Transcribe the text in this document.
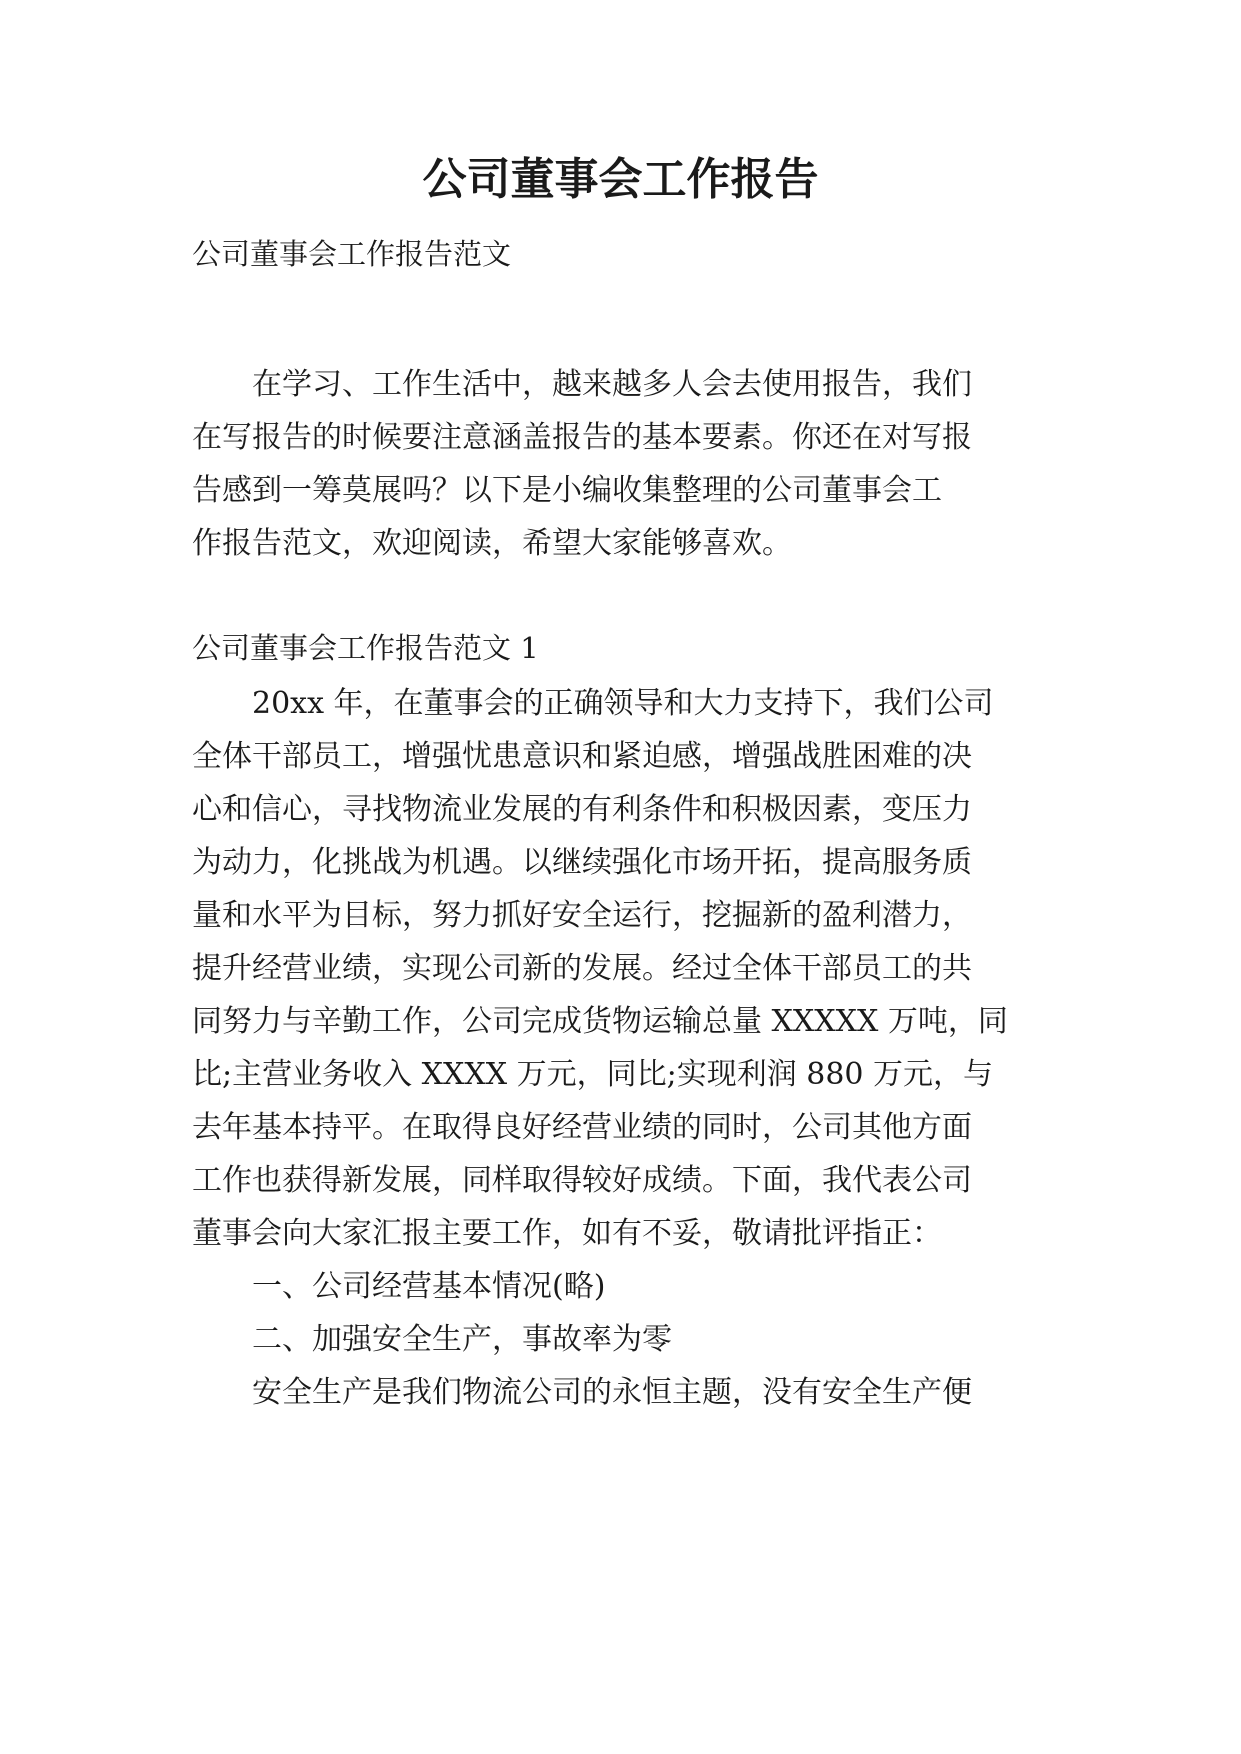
公司董事会工作报告
公司董事会工作报告范文
　　在学习、工作生活中，越来越多人会去使用报告，我们
在写报告的时候要注意涵盖报告的基本要素。你还在对写报
告感到一筹莫展吗？以下是小编收集整理的公司董事会工
作报告范文，欢迎阅读，希望大家能够喜欢。
公司董事会工作报告范文 1
　　20xx 年，在董事会的正确领导和大力支持下，我们公司
全体干部员工，增强忧患意识和紧迫感，增强战胜困难的决
心和信心，寻找物流业发展的有利条件和积极因素，变压力
为动力，化挑战为机遇。以继续强化市场开拓，提高服务质
量和水平为目标，努力抓好安全运行，挖掘新的盈利潜力，
提升经营业绩，实现公司新的发展。经过全体干部员工的共
同努力与辛勤工作，公司完成货物运输总量 XXXXX 万吨，同
比;主营业务收入 XXXX 万元，同比;实现利润 880 万元，与
去年基本持平。在取得良好经营业绩的同时，公司其他方面
工作也获得新发展，同样取得较好成绩。下面，我代表公司
董事会向大家汇报主要工作，如有不妥，敬请批评指正：
　　一、公司经营基本情况(略)
　　二、加强安全生产，事故率为零
　　安全生产是我们物流公司的永恒主题，没有安全生产便
